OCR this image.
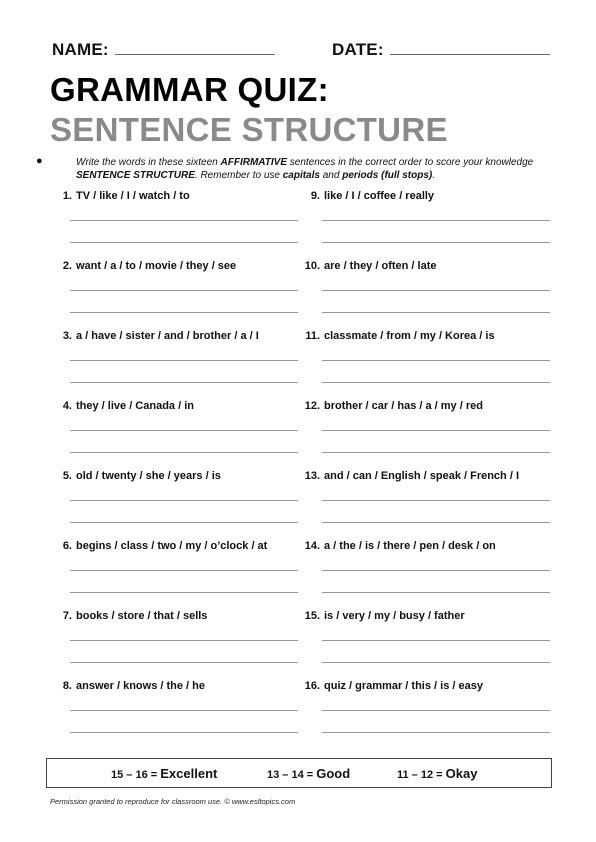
NAME:	DATE:
GRAMMAR QUIZ:
SENTENCE STRUCTURE
●	Write the words in these sixteen AFFIRMATIVE sentences in the correct order to score your knowledge SENTENCE STRUCTURE. Remember to use capitals and periods (full stops).
1. TV / like / I / watch / to
2. want / a / to / movie / they / see
3. a / have / sister / and / brother / a / I
4. they / live / Canada / in
5. old / twenty / she / years / is
6. begins / class / two / my / o’clock / at
7. books / store / that / sells
8. answer / knows / the / he
9. like / I / coffee / really
10. are / they / often / late
11. classmate / from / my / Korea / is
12. brother / car / has / a / my / red
13. and / can / English / speak / French / I
14. a / the / is / there / pen / desk / on
15. is / very / my / busy / father
16. quiz / grammar / this / is / easy
15 – 16 = Excellent	13 – 14 = Good	11 – 12 = Okay
Permission granted to reproduce for classroom use. © www.esltopics.com
